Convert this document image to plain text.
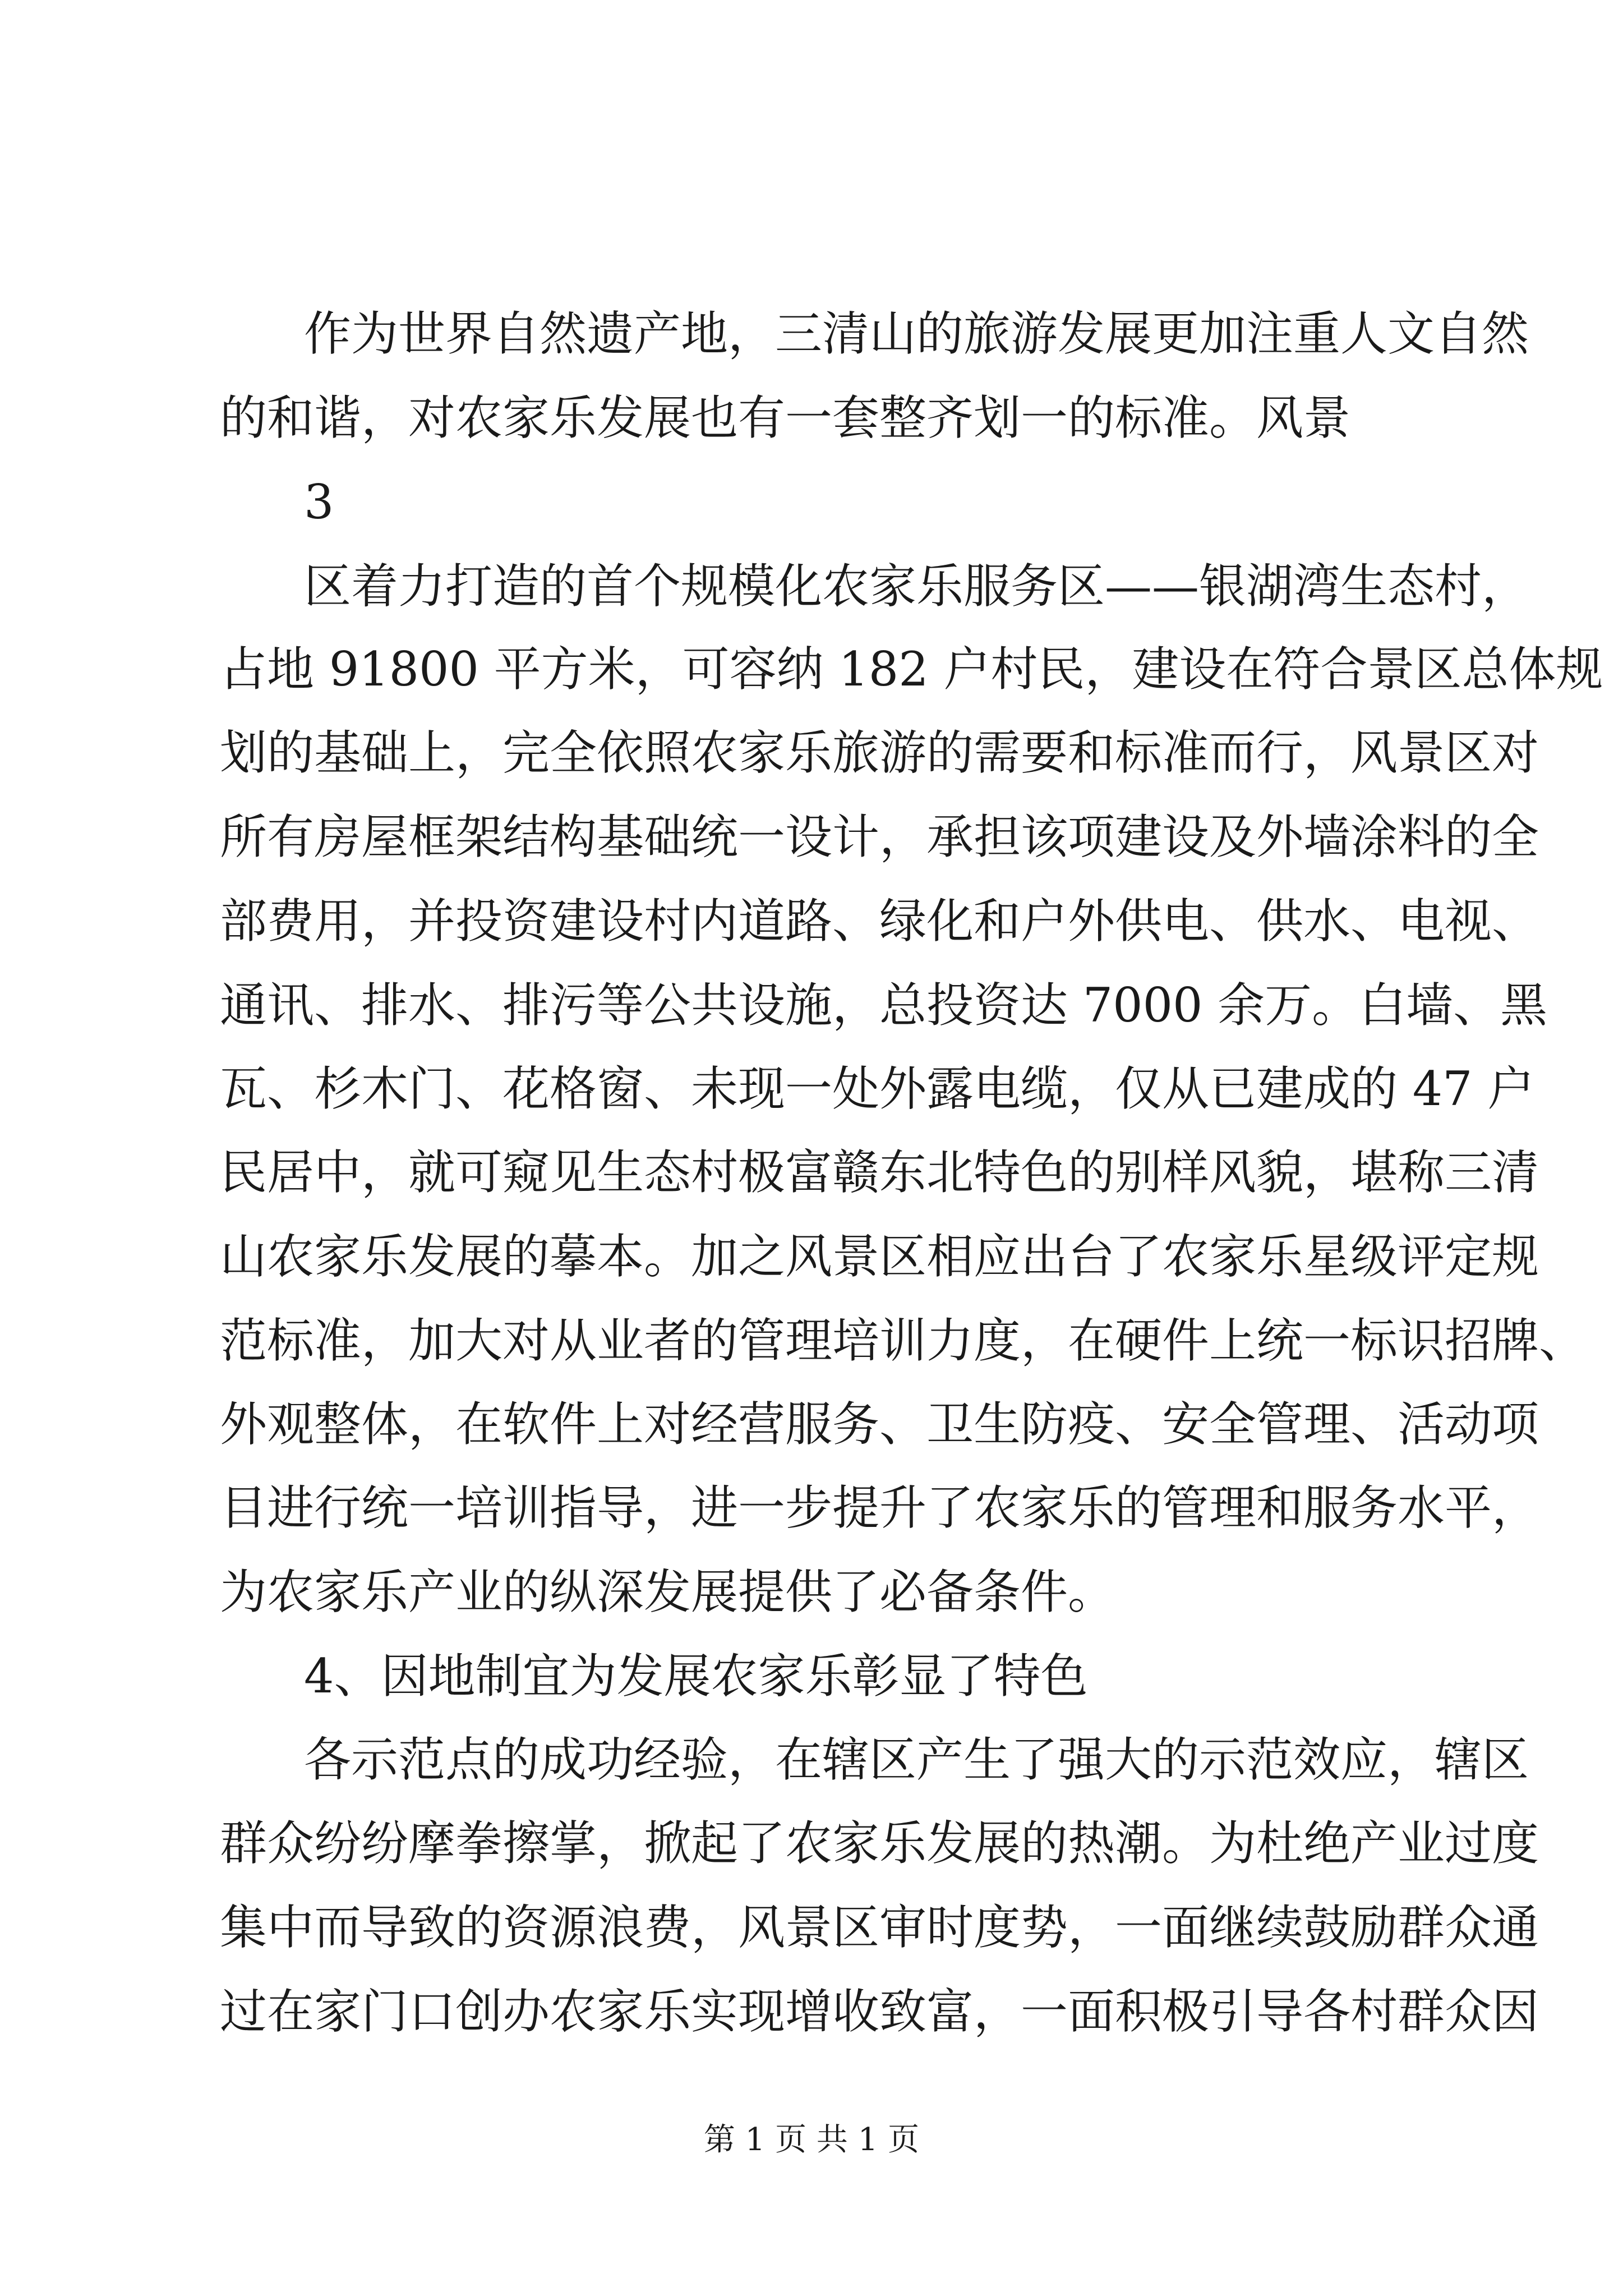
作为世界自然遗产地，三清山的旅游发展更加注重人文自然

的和谐，对农家乐发展也有一套整齐划一的标准。风景

3

区着力打造的首个规模化农家乐服务区——银湖湾生态村，

占地 91800 平方米，可容纳 182 户村民，建设在符合景区总体规

划的基础上，完全依照农家乐旅游的需要和标准而行，风景区对

所有房屋框架结构基础统一设计，承担该项建设及外墙涂料的全

部费用，并投资建设村内道路、绿化和户外供电、供水、电视、

通讯、排水、排污等公共设施，总投资达 7000 余万。白墙、黑

瓦、杉木门、花格窗、未现一处外露电缆，仅从已建成的 47 户

民居中，就可窥见生态村极富赣东北特色的别样风貌，堪称三清

山农家乐发展的摹本。加之风景区相应出台了农家乐星级评定规

范标准，加大对从业者的管理培训力度，在硬件上统一标识招牌、

外观整体，在软件上对经营服务、卫生防疫、安全管理、活动项

目进行统一培训指导，进一步提升了农家乐的管理和服务水平，

为农家乐产业的纵深发展提供了必备条件。

4、因地制宜为发展农家乐彰显了特色

各示范点的成功经验，在辖区产生了强大的示范效应，辖区

群众纷纷摩拳擦掌，掀起了农家乐发展的热潮。为杜绝产业过度

集中而导致的资源浪费，风景区审时度势，一面继续鼓励群众通

过在家门口创办农家乐实现增收致富，一面积极引导各村群众因

第 1 页 共 1 页
